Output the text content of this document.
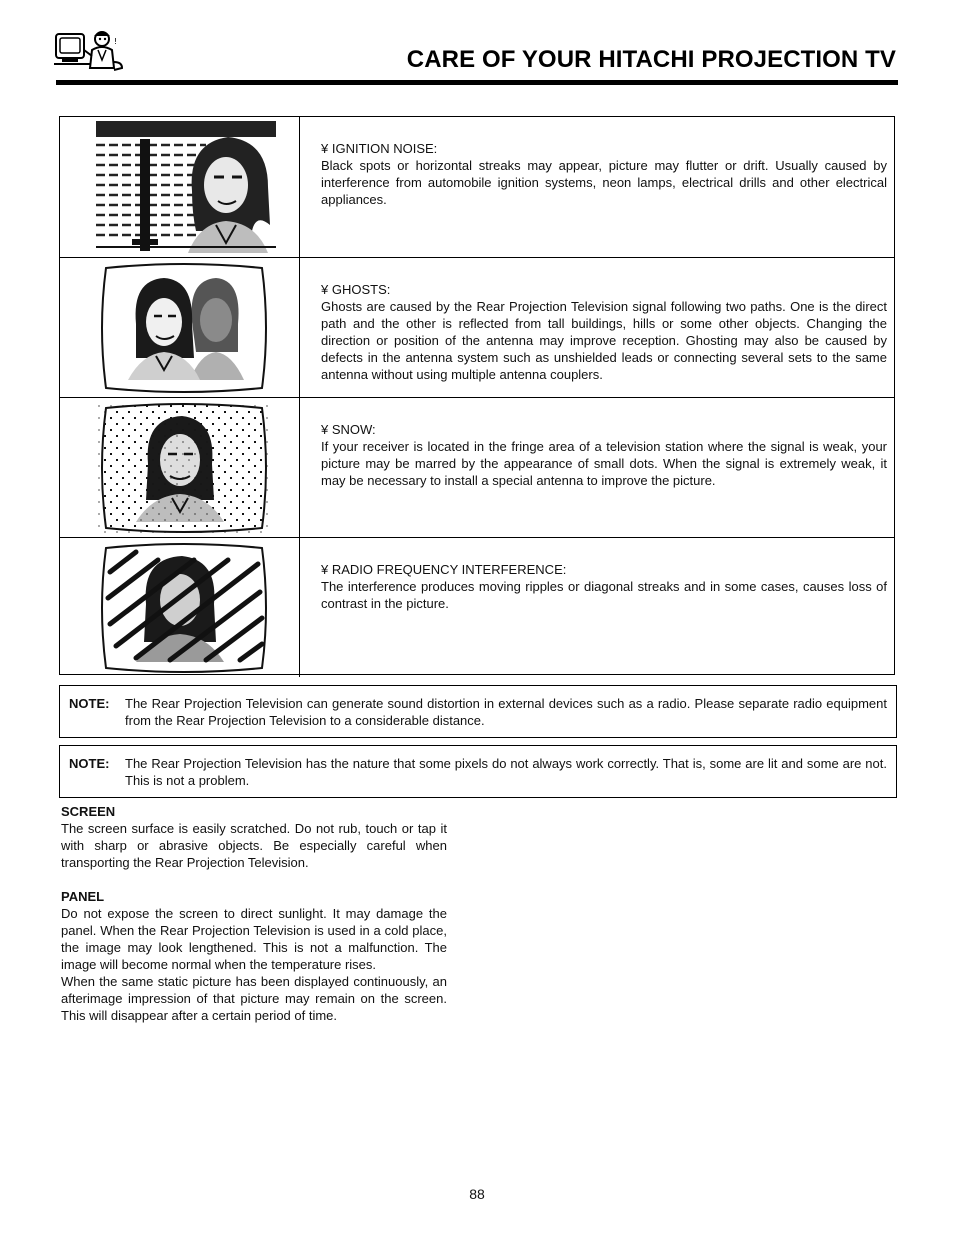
!
CARE OF YOUR HITACHI PROJECTION TV
¥ IGNITION NOISE:
Black spots or horizontal streaks may appear, picture may flutter or drift. Usually caused by interference from automobile ignition systems, neon lamps, electrical drills and other electrical appliances.
¥ GHOSTS:
Ghosts are caused by the Rear Projection Television signal following two paths. One is the direct path and the other is reflected from tall buildings, hills or some other objects. Changing the direction or position of the antenna may improve reception. Ghosting may also be caused by defects in the antenna system such as unshielded leads or connecting several sets to the same antenna without using multiple antenna couplers.
¥ SNOW:
If your receiver is located in the fringe area of a television station where the signal is weak, your picture may be marred by the appearance of small dots. When the signal is extremely weak, it may be necessary to install a special antenna to improve the picture.
¥ RADIO FREQUENCY INTERFERENCE:
The interference produces moving ripples or diagonal streaks and in some cases, causes loss of contrast in the picture.
NOTE: The Rear Projection Television can generate sound distortion in external devices such as a radio. Please separate radio equipment from the Rear Projection Television to a considerable distance.
NOTE: The Rear Projection Television has the nature that some pixels do not always work correctly. That is, some are lit and some are not. This is not a problem.
SCREEN

The screen surface is easily scratched. Do not rub, touch or tap it with sharp or abrasive objects. Be especially careful when transporting the Rear Projection Television.

PANEL

Do not expose the screen to direct sunlight. It may damage the panel. When the Rear Projection Television is used in a cold place, the image may look lengthened. This is not a malfunction. The image will become normal when the temperature rises.

When the same static picture has been displayed continuously, an afterimage impression of that picture may remain on the screen. This will disappear after a certain period of time.

88
